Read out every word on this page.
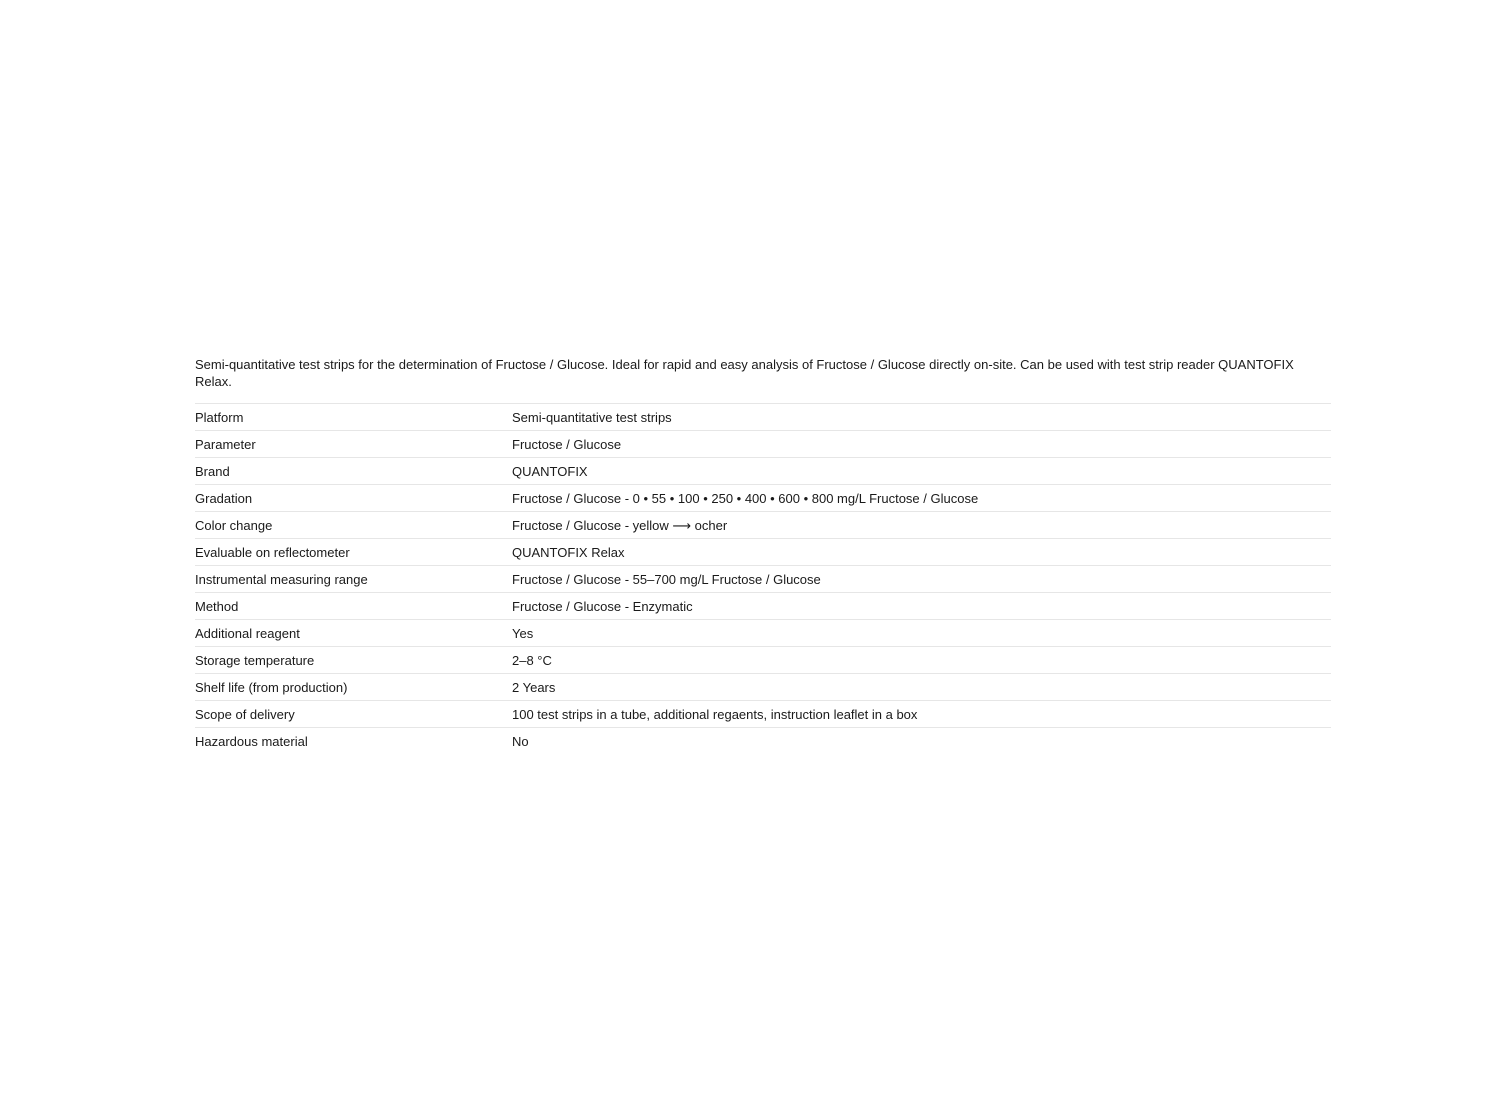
Semi-quantitative test strips for the determination of Fructose / Glucose. Ideal for rapid and easy analysis of Fructose / Glucose directly on-site. Can be used with test strip reader QUANTOFIX Relax.

Platform	Semi-quantitative test strips
Parameter	Fructose / Glucose
Brand	QUANTOFIX
Gradation	Fructose / Glucose - 0 • 55 • 100 • 250 • 400 • 600 • 800 mg/L Fructose / Glucose
Color change	Fructose / Glucose - yellow ⟶ ocher
Evaluable on reflectometer	QUANTOFIX Relax
Instrumental measuring range	Fructose / Glucose - 55–700 mg/L Fructose / Glucose
Method	Fructose / Glucose - Enzymatic
Additional reagent	Yes
Storage temperature	2–8 °C
Shelf life (from production)	2 Years
Scope of delivery	100 test strips in a tube, additional regaents, instruction leaflet in a box
Hazardous material	No
